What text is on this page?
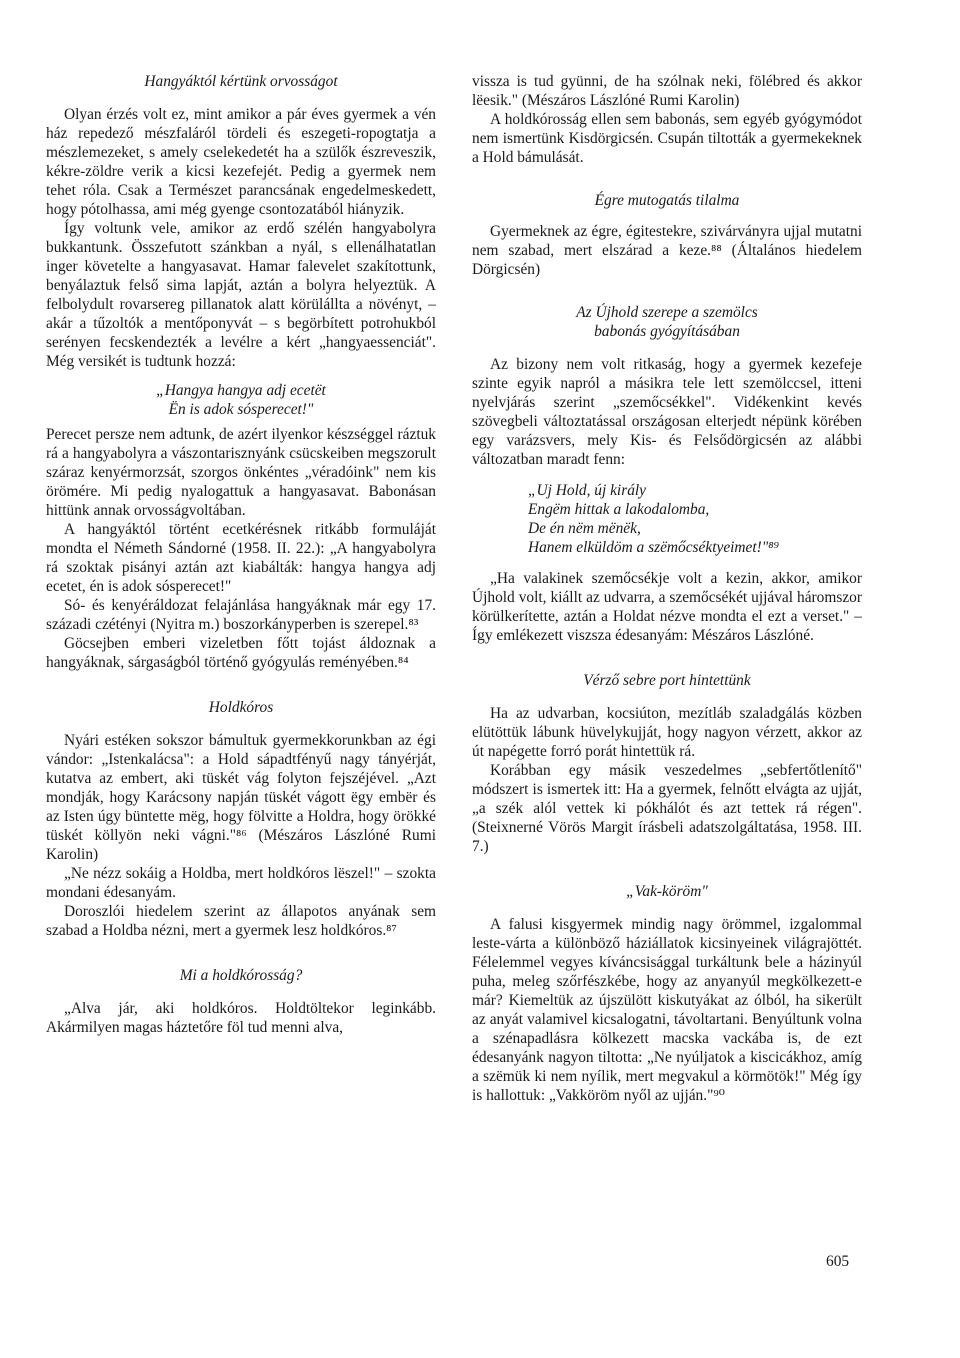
Hangyáktól kértünk orvosságot

Olyan érzés volt ez, mint amikor a pár éves gyermek a vén ház repedező mészfaláról tördeli és eszegeti-ropogtatja a mészlemezeket, s amely cselekedetét ha a szülők észreveszik, kékre-zöldre verik a kicsi kezefejét. Pedig a gyermek nem tehet róla. Csak a Természet parancsának engedelmeskedett, hogy pótolhassa, ami még gyenge csontozatából hiányzik.

Így voltunk vele, amikor az erdő szélén hangyabolyra bukkantunk. Összefutott szánkban a nyál, s ellenálhatatlan inger követelte a hangyasavat. Hamar falevelet szakítottunk, benyálaztuk felső sima lapját, aztán a bolyra helyeztük. A felbolydult rovarsereg pillanatok alatt körülállta a növényt, – akár a tűzoltók a mentőponyvát – s begörbített potrohukból serényen fecskendezték a levélre a kért „hangyaessenciát". Még versikét is tudtunk hozzá:

„Hangya hangya adj ecetët
Ën is adok sósperecet!"

Perecet persze nem adtunk, de azért ilyenkor készséggel ráztuk rá a hangyabolyra a vászontarisznyánk csücskeiben megszorult száraz kenyérmorzsát, szorgos önkéntes „véradóink" nem kis örömére. Mi pedig nyalogattuk a hangyasavat. Babonásan hittünk annak orvosságvoltában.

A hangyáktól történt ecetkérésnek ritkább formuláját mondta el Németh Sándorné (1958. II. 22.): „A hangyabolyra rá szoktak pisányi aztán azt kiabálták: hangya hangya adj ecetet, én is adok sósperecet!"

Só- és kenyéráldozat felajánlása hangyáknak már egy 17. századi czétényi (Nyitra m.) boszorkányperben is szerepel.⁸³

Göcsejben emberi vizeletben főtt tojást áldoznak a hangyáknak, sárgaságból történő gyógyulás reményében.⁸⁴

Holdkóros

Nyári estéken sokszor bámultuk gyermekkorunkban az égi vándor: „Istenkalácsa": a Hold sápadtfényű nagy tányérját, kutatva az embert, aki tüskét vág folyton fejszéjével. „Azt mondják, hogy Karácsony napján tüskét vágott ëgy embër és az Isten úgy büntette mëg, hogy fölvitte a Holdra, hogy örökké tüskét köllyön neki vágni."⁸⁶ (Mészáros Lászlóné Rumi Karolin)

„Ne nézz sokáig a Holdba, mert holdkóros lëszel!" – szokta mondani édesanyám.

Doroszlói hiedelem szerint az állapotos anyának sem szabad a Holdba nézni, mert a gyermek lesz holdkóros.⁸⁷

Mi a holdkórosság?

„Alva jár, aki holdkóros. Holdtöltekor leginkább. Akármilyen magas háztetőre föl tud menni alva,

vissza is tud gyünni, de ha szólnak neki, fölébred és akkor lëesik." (Mészáros Lászlóné Rumi Karolin)

A holdkórosság ellen sem babonás, sem egyéb gyógymódot nem ismertünk Kisdörgicsén. Csupán tiltották a gyermekeknek a Hold bámulását.

Égre mutogatás tilalma

Gyermeknek az égre, égitestekre, szivárványra ujjal mutatni nem szabad, mert elszárad a keze.⁸⁸ (Általános hiedelem Dörgicsén)

Az Újhold szerepe a szemölcs
babonás gyógyításában

Az bizony nem volt ritkaság, hogy a gyermek kezefeje szinte egyik napról a másikra tele lett szemölccsel, itteni nyelvjárás szerint „szemőcsékkel". Vidékenkint kevés szövegbeli változtatással országosan elterjedt népünk körében egy varázsvers, mely Kis- és Felsődörgicsén az alábbi változatban maradt fenn:

„Uj Hold, új király
Engëm hittak a lakodalomba,
De én nëm mënëk,
Hanem elküldöm a szëmőcséktyeimet!"⁸⁹

„Ha valakinek szemőcsékje volt a kezin, akkor, amikor Újhold volt, kiállt az udvarra, a szemőcsékét ujjával háromszor körülkerítette, aztán a Holdat nézve mondta el ezt a verset." – Így emlékezett viszsza édesanyám: Mészáros Lászlóné.

Vérző sebre port hintettünk

Ha az udvarban, kocsiúton, mezítláb szaladgálás közben elütöttük lábunk hüvelykujját, hogy nagyon vérzett, akkor az út napégette forró porát hintettük rá.

Korábban egy másik veszedelmes „sebfertőtlenítő" módszert is ismertek itt: Ha a gyermek, felnőtt elvágta az ujját, „a szék alól vettek ki pókhálót és azt tettek rá régen". (Steixnerné Vörös Margit írásbeli adatszolgáltatása, 1958. III. 7.)

„Vak-köröm"

A falusi kisgyermek mindig nagy örömmel, izgalommal leste-várta a különböző háziállatok kicsinyeinek világrajöttét. Félelemmel vegyes kíváncsisággal turkáltunk bele a házinyúl puha, meleg szőrfészkébe, hogy az anyanyúl megkölkezett-e már? Kiemeltük az újszülött kiskutyákat az ólból, ha sikerült az anyát valamivel kicsalogatni, távoltartani. Benyúltunk volna a szénapadlásra kölkezett macska vackába is, de ezt édesanyánk nagyon tiltotta: „Ne nyúljatok a kiscicákhoz, amíg a szëmük ki nem nyílik, mert megvakul a körmötök!" Még így is hallottuk: „Vakköröm nyől az ujján."⁹⁰

605
